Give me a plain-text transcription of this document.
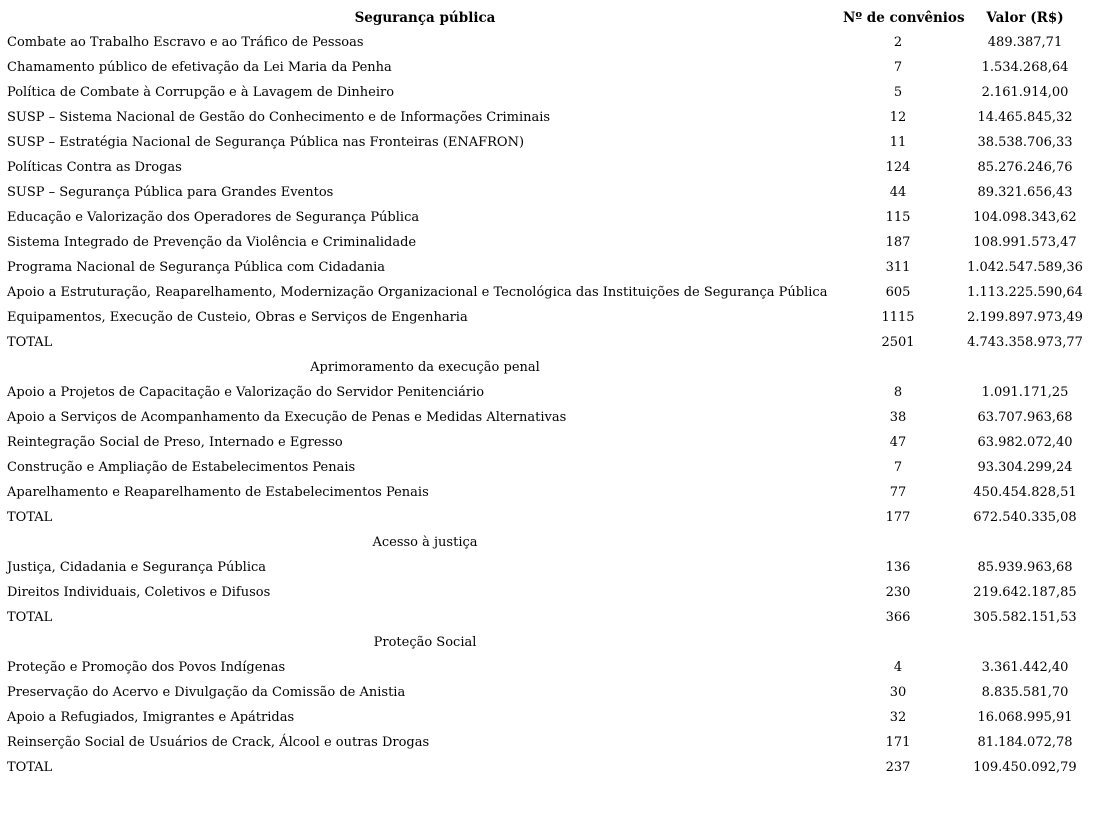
Segurança pública	Nº de convênios	Valor (R$)
Combate ao Trabalho Escravo e ao Tráfico de Pessoas	2	489.387,71
Chamamento público de efetivação da Lei Maria da Penha	7	1.534.268,64
Política de Combate à Corrupção e à Lavagem de Dinheiro	5	2.161.914,00
SUSP – Sistema Nacional de Gestão do Conhecimento e de Informações Criminais	12	14.465.845,32
SUSP – Estratégia Nacional de Segurança Pública nas Fronteiras (ENAFRON)	11	38.538.706,33
Políticas Contra as Drogas	124	85.276.246,76
SUSP – Segurança Pública para Grandes Eventos	44	89.321.656,43
Educação e Valorização dos Operadores de Segurança Pública	115	104.098.343,62
Sistema Integrado de Prevenção da Violência e Criminalidade	187	108.991.573,47
Programa Nacional de Segurança Pública com Cidadania	311	1.042.547.589,36
Apoio a Estruturação, Reaparelhamento, Modernização Organizacional e Tecnológica das Instituições de Segurança Pública	605	1.113.225.590,64
Equipamentos, Execução de Custeio, Obras e Serviços de Engenharia	1115	2.199.897.973,49
TOTAL	2501	4.743.358.973,77
Aprimoramento da execução penal
Apoio a Projetos de Capacitação e Valorização do Servidor Penitenciário	8	1.091.171,25
Apoio a Serviços de Acompanhamento da Execução de Penas e Medidas Alternativas	38	63.707.963,68
Reintegração Social de Preso, Internado e Egresso	47	63.982.072,40
Construção e Ampliação de Estabelecimentos Penais	7	93.304.299,24
Aparelhamento e Reaparelhamento de Estabelecimentos Penais	77	450.454.828,51
TOTAL	177	672.540.335,08
Acesso à justiça
Justiça, Cidadania e Segurança Pública	136	85.939.963,68
Direitos Individuais, Coletivos e Difusos	230	219.642.187,85
TOTAL	366	305.582.151,53
Proteção Social
Proteção e Promoção dos Povos Indígenas	4	3.361.442,40
Preservação do Acervo e Divulgação da Comissão de Anistia	30	8.835.581,70
Apoio a Refugiados, Imigrantes e Apátridas	32	16.068.995,91
Reinserção Social de Usuários de Crack, Álcool e outras Drogas	171	81.184.072,78
TOTAL	237	109.450.092,79
